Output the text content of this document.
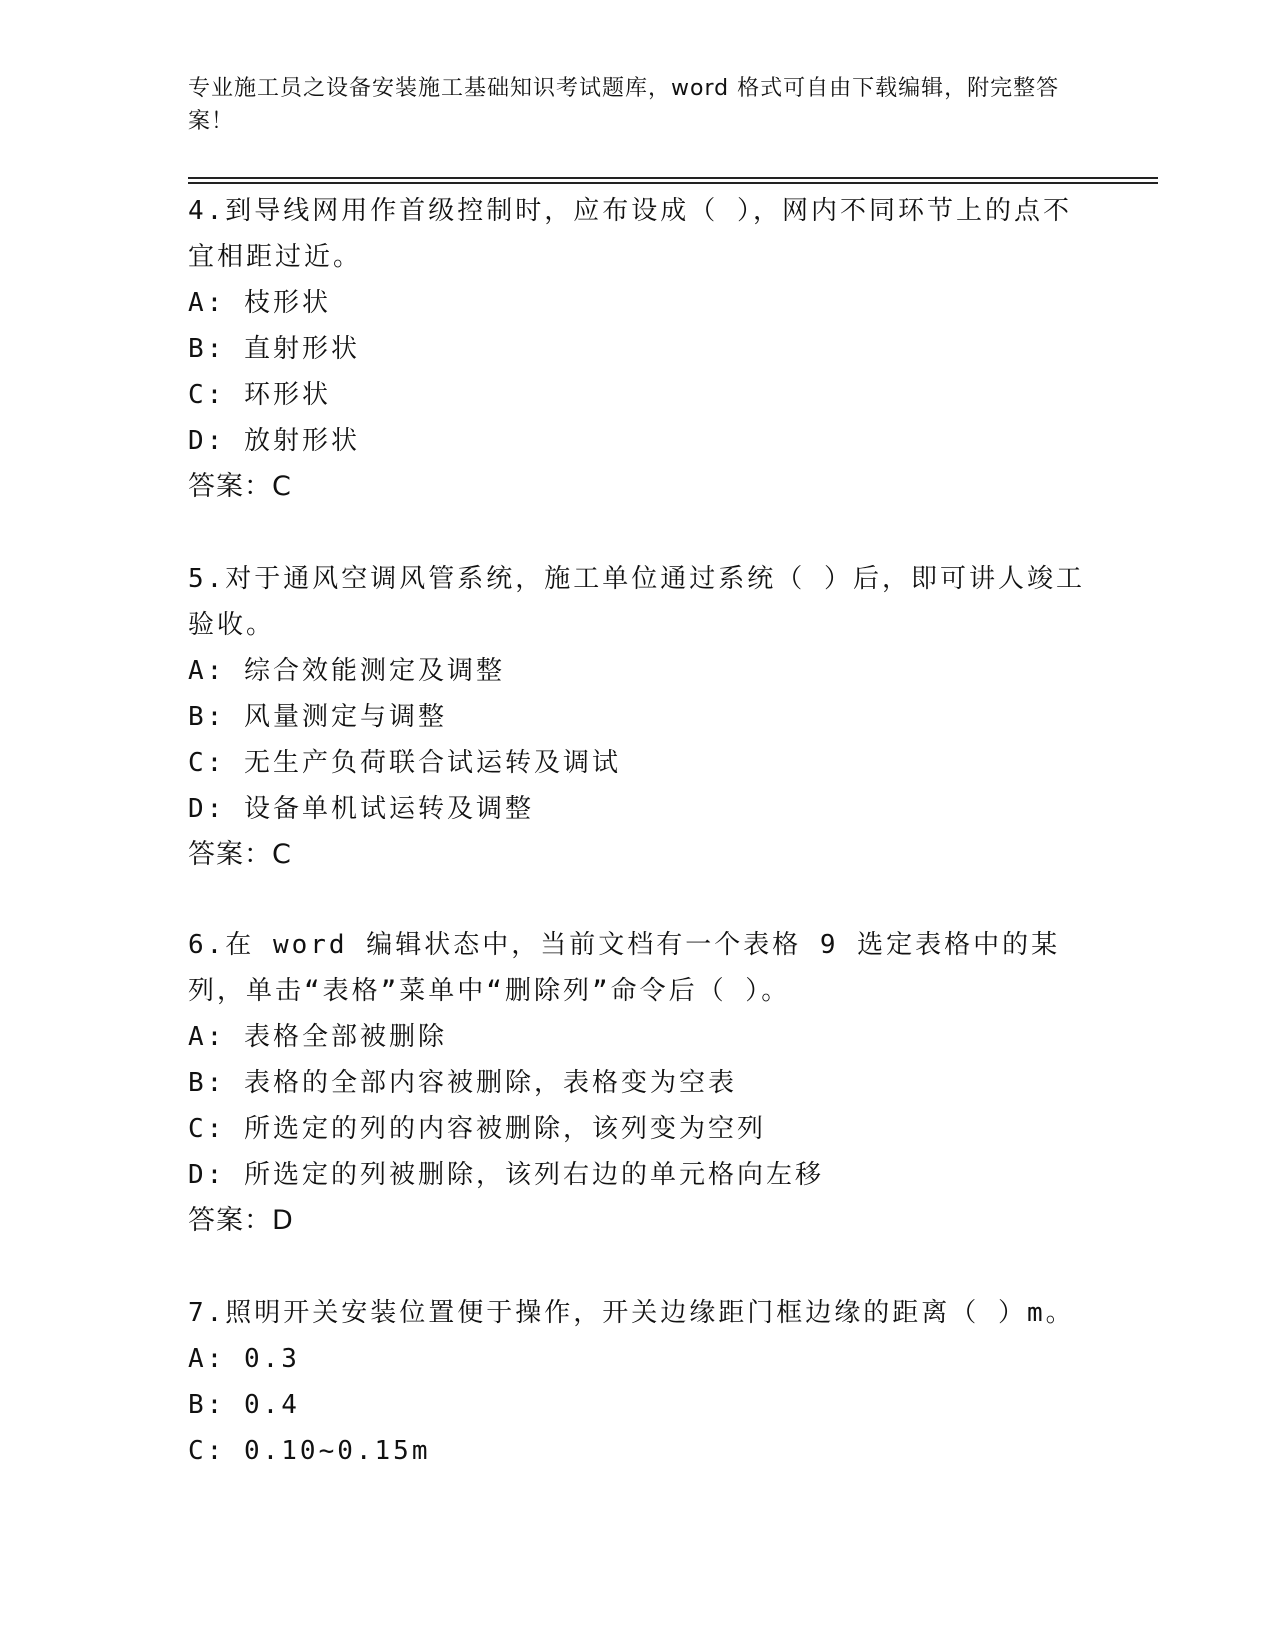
专业施工员之设备安装施工基础知识考试题库，word 格式可自由下载编辑，附完整答案！

4.到导线网用作首级控制时，应布设成（ ），网内不同环节上的点不宜相距过近。

A: 枝形状

B: 直射形状

C: 环形状

D: 放射形状

答案：C

5.对于通风空调风管系统，施工单位通过系统（ ）后，即可讲人竣工验收。

A: 综合效能测定及调整

B: 风量测定与调整

C: 无生产负荷联合试运转及调试

D: 设备单机试运转及调整

答案：C

6.在 word 编辑状态中，当前文档有一个表格 9 选定表格中的某列，单击“表格”菜单中“删除列”命令后（ ）。

A: 表格全部被删除

B: 表格的全部内容被删除，表格变为空表

C: 所选定的列的内容被删除，该列变为空列

D: 所选定的列被删除，该列右边的单元格向左移

答案：D

7.照明开关安装位置便于操作，开关边缘距门框边缘的距离（ ）m。

A: 0.3

B: 0.4

C: 0.10~0.15m
